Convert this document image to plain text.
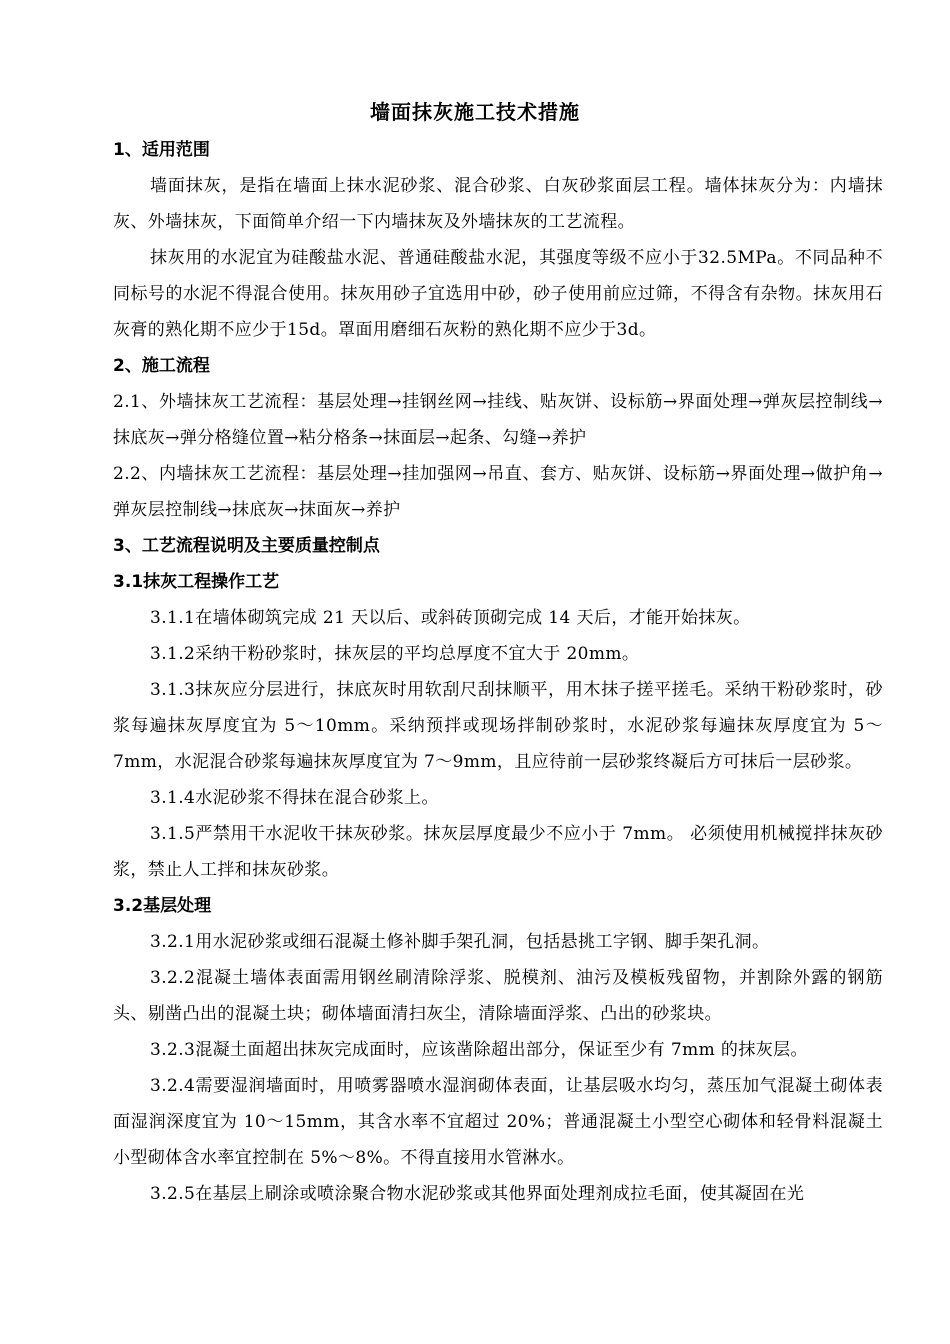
墙面抹灰施工技术措施
1、适用范围
墙面抹灰，是指在墙面上抹水泥砂浆、混合砂浆、白灰砂浆面层工程。墙体抹灰分为：内墙抹灰、外墙抹灰，下面简单介绍一下内墙抹灰及外墙抹灰的工艺流程。
抹灰用的水泥宜为硅酸盐水泥、普通硅酸盐水泥，其强度等级不应小于32.5MPa。不同品种不同标号的水泥不得混合使用。抹灰用砂子宜选用中砂，砂子使用前应过筛，不得含有杂物。抹灰用石灰膏的熟化期不应少于15d。罩面用磨细石灰粉的熟化期不应少于3d。
2、施工流程
2.1、外墙抹灰工艺流程：基层处理→挂钢丝网→挂线、贴灰饼、设标筋→界面处理→弹灰层控制线→ 抹底灰→弹分格缝位置→粘分格条→抹面层→起条、勾缝→养护
2.2、内墙抹灰工艺流程：基层处理→挂加强网→吊直、套方、贴灰饼、设标筋→界面处理→做护角→弹灰层控制线→抹底灰→抹面灰→养护
3、工艺流程说明及主要质量控制点
3.1抹灰工程操作工艺
3.1.1在墙体砌筑完成 21 天以后、或斜砖顶砌完成 14 天后，才能开始抹灰。
3.1.2采纳干粉砂浆时，抹灰层的平均总厚度不宜大于 20mm。
3.1.3抹灰应分层进行，抹底灰时用软刮尺刮抹顺平，用木抹子搓平搓毛。采纳干粉砂浆时，砂浆每遍抹灰厚度宜为 5～10mm。采纳预拌或现场拌制砂浆时，水泥砂浆每遍抹灰厚度宜为 5～7mm，水泥混合砂浆每遍抹灰厚度宜为 7～9mm，且应待前一层砂浆终凝后方可抹后一层砂浆。
3.1.4水泥砂浆不得抹在混合砂浆上。
3.1.5严禁用干水泥收干抹灰砂浆。抹灰层厚度最少不应小于 7mm。 必须使用机械搅拌抹灰砂浆，禁止人工拌和抹灰砂浆。
3.2基层处理
3.2.1用水泥砂浆或细石混凝土修补脚手架孔洞，包括悬挑工字钢、脚手架孔洞。
3.2.2混凝土墙体表面需用钢丝刷清除浮浆、脱模剂、油污及模板残留物，并割除外露的钢筋头、剔凿凸出的混凝土块；砌体墙面清扫灰尘，清除墙面浮浆、凸出的砂浆块。
3.2.3混凝土面超出抹灰完成面时，应该凿除超出部分，保证至少有 7mm 的抹灰层。
3.2.4需要湿润墙面时，用喷雾器喷水湿润砌体表面，让基层吸水均匀，蒸压加气混凝土砌体表面湿润深度宜为 10～15mm，其含水率不宜超过 20%；普通混凝土小型空心砌体和轻骨料混凝土小型砌体含水率宜控制在 5%～8%。不得直接用水管淋水。
3.2.5在基层上刷涂或喷涂聚合物水泥砂浆或其他界面处理剂成拉毛面，使其凝固在光
